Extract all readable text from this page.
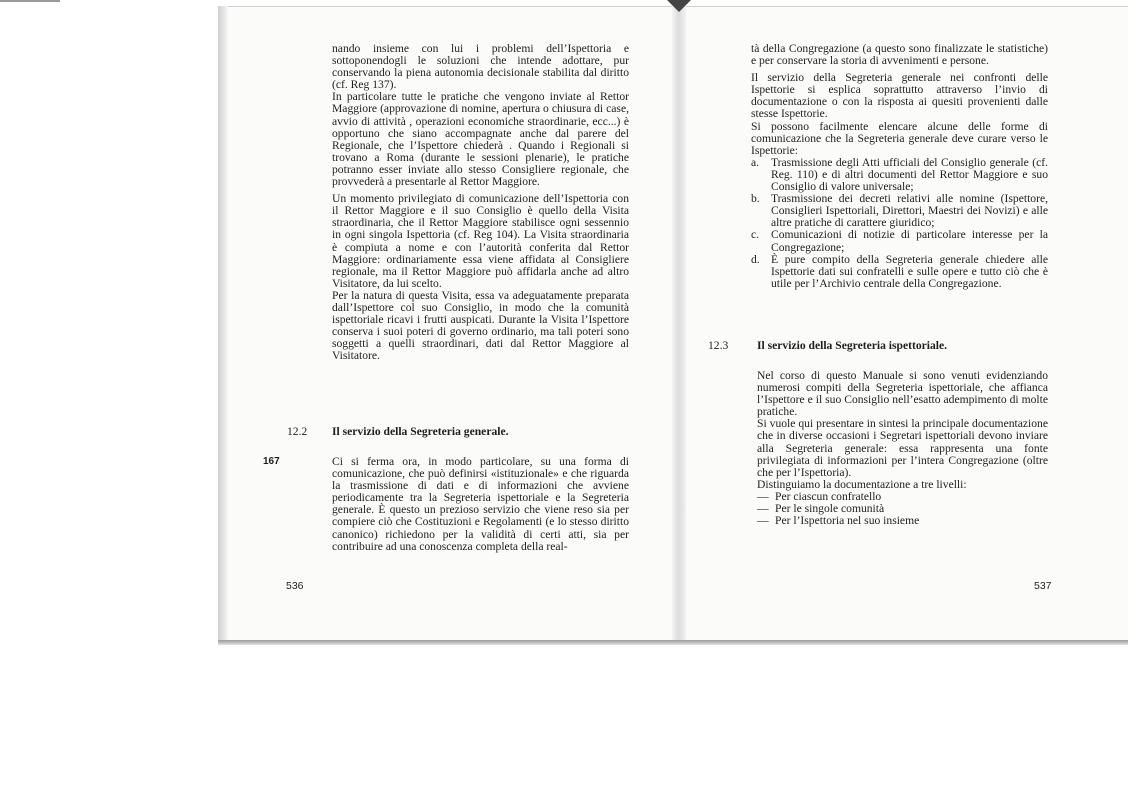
nando insieme con lui i problemi dell’Ispettoria e sottoponendogli le soluzioni che intende adottare, pur conservando la piena autonomia decisionale stabilita dal diritto (cf. Reg 137).

In particolare tutte le pratiche che vengono inviate al Rettor Maggiore (approvazione di nomine, apertura o chiusura di case, avvio di attività , operazioni economiche straordinarie, ecc...) è opportuno che siano accompagnate anche dal parere del Regionale, che l’Ispettore chiederà . Quando i Regionali si trovano a Roma (durante le sessioni plenarie), le pratiche potranno esser inviate allo stesso Consigliere regionale, che provvederà a presentarle al Rettor Maggiore.

Un momento privilegiato di comunicazione dell’Ispettoria con il Rettor Maggiore e il suo Consiglio è quello della Visita straordinaria, che il Rettor Maggiore stabilisce ogni sessennio in ogni singola Ispettoria (cf. Reg 104). La Visita straordinaria è compiuta a nome e con l’autorità conferita dal Rettor Maggiore: ordinariamente essa viene affidata al Consigliere regionale, ma il Rettor Maggiore può affidarla anche ad altro Visitatore, da lui scelto.

Per la natura di questa Visita, essa va adeguatamente preparata dall’Ispettore col suo Consiglio, in modo che la comunità ispettoriale ricavi i frutti auspicati. Durante la Visita l’Ispettore conserva i suoi poteri di governo ordinario, ma tali poteri sono soggetti a quelli straordinari, dati dal Rettor Maggiore al Visitatore.

12.2 Il servizio della Segreteria generale.
167	Ci si ferma ora, in modo particolare, su una forma di comunicazione, che può definirsi «istituzionale» e che riguarda la trasmissione di dati e di informazioni che avviene periodicamente tra la Segreteria ispettoriale e la Segreteria generale. È questo un prezioso servizio che viene reso sia per compiere ciò che Costituzioni e Regolamenti (e lo stesso diritto canonico) richiedono per la validità di certi atti, sia per contribuire ad una conoscenza completa della real-

536

tà della Congregazione (a questo sono finalizzate le statistiche) e per conservare la storia di avvenimenti e persone.

Il servizio della Segreteria generale nei confronti delle Ispettorie si esplica soprattutto attraverso l’invio di documentazione o con la risposta ai quesiti provenienti dalle stesse Ispettorie.

Si possono facilmente elencare alcune delle forme di comunicazione che la Segreteria generale deve curare verso le Ispettorie:

a. Trasmissione degli Atti ufficiali del Consiglio generale (cf. Reg. 110) e di altri documenti del Rettor Maggiore e suo Consiglio di valore universale;
b. Trasmissione dei decreti relativi alle nomine (Ispettore, Consiglieri Ispettoriali, Direttori, Maestri dei Novizi) e alle altre pratiche di carattere giuridico;
c. Comunicazioni di notizie di particolare interesse per la Congregazione;
d. È pure compito della Segreteria generale chiedere alle Ispettorie dati sui confratelli e sulle opere e tutto ciò che è utile per l’Archivio centrale della Congregazione.
12.3 Il servizio della Segreteria ispettoriale.

Nel corso di questo Manuale si sono venuti evidenziando numerosi compiti della Segreteria ispettoriale, che affianca l’Ispettore e il suo Consiglio nell’esatto adempimento di molte pratiche.

Si vuole qui presentare in sintesi la principale documentazione che in diverse occasioni i Segretari ispettoriali devono inviare alla Segreteria generale: essa rappresenta una fonte privilegiata di informazioni per l’intera Congregazione (oltre che per l’Ispettoria).

Distinguiamo la documentazione a tre livelli:

— Per ciascun confratello
— Per le singole comunità
— Per l’Ispettoria nel suo insieme
537
